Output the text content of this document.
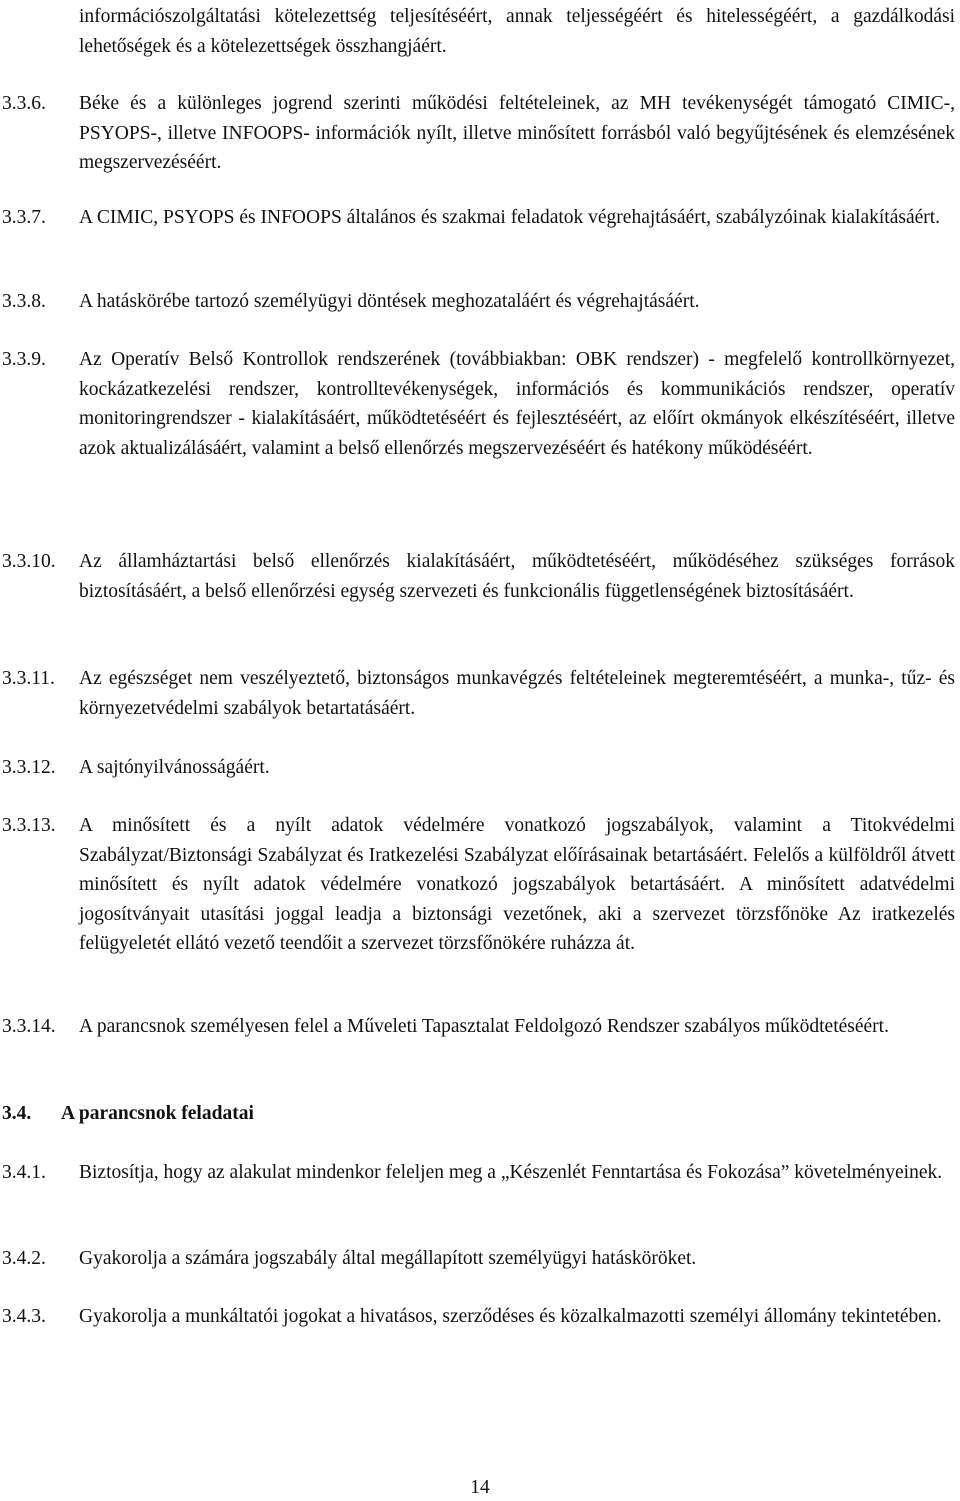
információszolgáltatási kötelezettség teljesítéséért, annak teljességéért és hitelességéért, a gazdálkodási lehetőségek és a kötelezettségek összhangjáért.
3.3.6. Béke és a különleges jogrend szerinti működési feltételeinek, az MH tevékenységét támogató CIMIC-, PSYOPS-, illetve INFOOPS- információk nyílt, illetve minősített forrásból való begyűjtésének és elemzésének megszervezéséért.
3.3.7. A CIMIC, PSYOPS és INFOOPS általános és szakmai feladatok végrehajtásáért, szabályzóinak kialakításáért.
3.3.8. A hatáskörébe tartozó személyügyi döntések meghozataláért és végrehajtásáért.
3.3.9. Az Operatív Belső Kontrollok rendszerének (továbbiakban: OBK rendszer) - megfelelő kontrollkörnyezet, kockázatkezelési rendszer, kontrolltevékenységek, információs és kommunikációs rendszer, operatív monitoringrendszer - kialakításáért, működtetéséért és fejlesztéséért, az előírt okmányok elkészítéséért, illetve azok aktualizálásáért, valamint a belső ellenőrzés megszervezéséért és hatékony működéséért.
3.3.10. Az államháztartási belső ellenőrzés kialakításáért, működtetéséért, működéséhez szükséges források biztosításáért, a belső ellenőrzési egység szervezeti és funkcionális függetlenségének biztosításáért.
3.3.11. Az egészséget nem veszélyeztető, biztonságos munkavégzés feltételeinek megteremtéséért, a munka-, tűz- és környezetvédelmi szabályok betartatásáért.
3.3.12. A sajtónyilvánosságáért.
3.3.13. A minősített és a nyílt adatok védelmére vonatkozó jogszabályok, valamint a Titokvédelmi Szabályzat/Biztonsági Szabályzat és Iratkezelési Szabályzat előírásainak betartásáért. Felelős a külföldről átvett minősített és nyílt adatok védelmére vonatkozó jogszabályok betartásáért. A minősített adatvédelmi jogosítványait utasítási joggal leadja a biztonsági vezetőnek, aki a szervezet törzsfőnöke Az iratkezelés felügyeletét ellátó vezető teendőit a szervezet törzsfőnökére ruházza át.
3.3.14. A parancsnok személyesen felel a Műveleti Tapasztalat Feldolgozó Rendszer szabályos működtetéséért.
3.4. A parancsnok feladatai
3.4.1. Biztosítja, hogy az alakulat mindenkor feleljen meg a „Készenlét Fenntartása és Fokozása” követelményeinek.
3.4.2. Gyakorolja a számára jogszabály által megállapított személyügyi hatásköröket.
3.4.3. Gyakorolja a munkáltatói jogokat a hivatásos, szerződéses és közalkalmazotti személyi állomány tekintetében.
14
